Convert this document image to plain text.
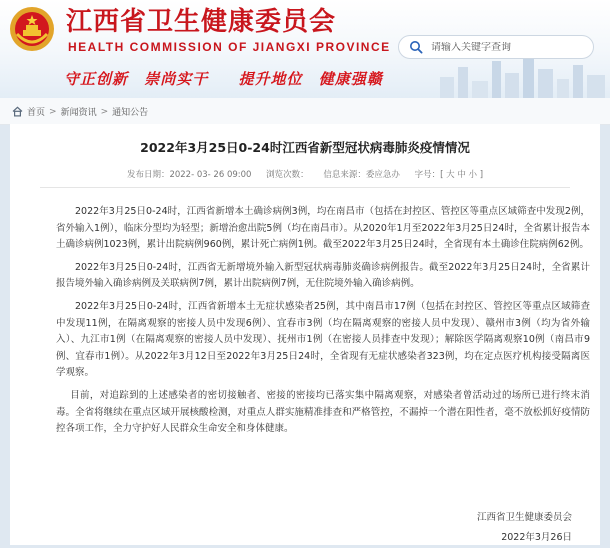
江西省卫生健康委员会
HEALTH COMMISSION OF JIANGXI PROVINCE
守正创新 崇尚实干 提升地位 健康强赣
请输入关键字查询
首页 > 新闻资讯 > 通知公告
2022年3月25日0-24时江西省新型冠状病毒肺炎疫情情况
发布日期：2022- 03- 26 09:00 浏览次数： 信息来源：委应急办 字号：[ 大 中 小 ]

2022年3月25日0-24时，江西省新增本土确诊病例3例，均在南昌市（包括在封控区、管控区等重点区域筛查中发现2例，省外输入1例），临床分型均为轻型；新增治愈出院5例（均在南昌市）。从2020年1月至2022年3月25日24时，全省累计报告本土确诊病例1023例，累计出院病例960例，累计死亡病例1例。截至2022年3月25日24时，全省现有本土确诊住院病例62例。

2022年3月25日0-24时，江西省无新增境外输入新型冠状病毒肺炎确诊病例报告。截至2022年3月25日24时，全省累计报告境外输入确诊病例及关联病例7例，累计出院病例7例，无住院境外输入确诊病例。

2022年3月25日0-24时，江西省新增本土无症状感染者25例，其中南昌市17例（包括在封控区、管控区等重点区域筛查中发现11例，在隔离观察的密接人员中发现6例）、宜春市3例（均在隔离观察的密接人员中发现）、赣州市3例（均为省外输入）、九江市1例（在隔离观察的密接人员中发现）、抚州市1例（在密接人员排查中发现）；解除医学隔离观察10例（南昌市9例、宜春市1例）。从2022年3月12日至2022年3月25日24时，全省现有无症状感染者323例，均在定点医疗机构接受隔离医学观察。

目前，对追踪到的上述感染者的密切接触者、密接的密接均已落实集中隔离观察，对感染者曾活动过的场所已进行终末消毒。全省将继续在重点区域开展核酸检测，对重点人群实施精准排查和严格管控，不漏掉一个潜在阳性者，毫不放松抓好疫情防控各项工作，全力守护好人民群众生命安全和身体健康。

江西省卫生健康委员会
2022年3月26日
